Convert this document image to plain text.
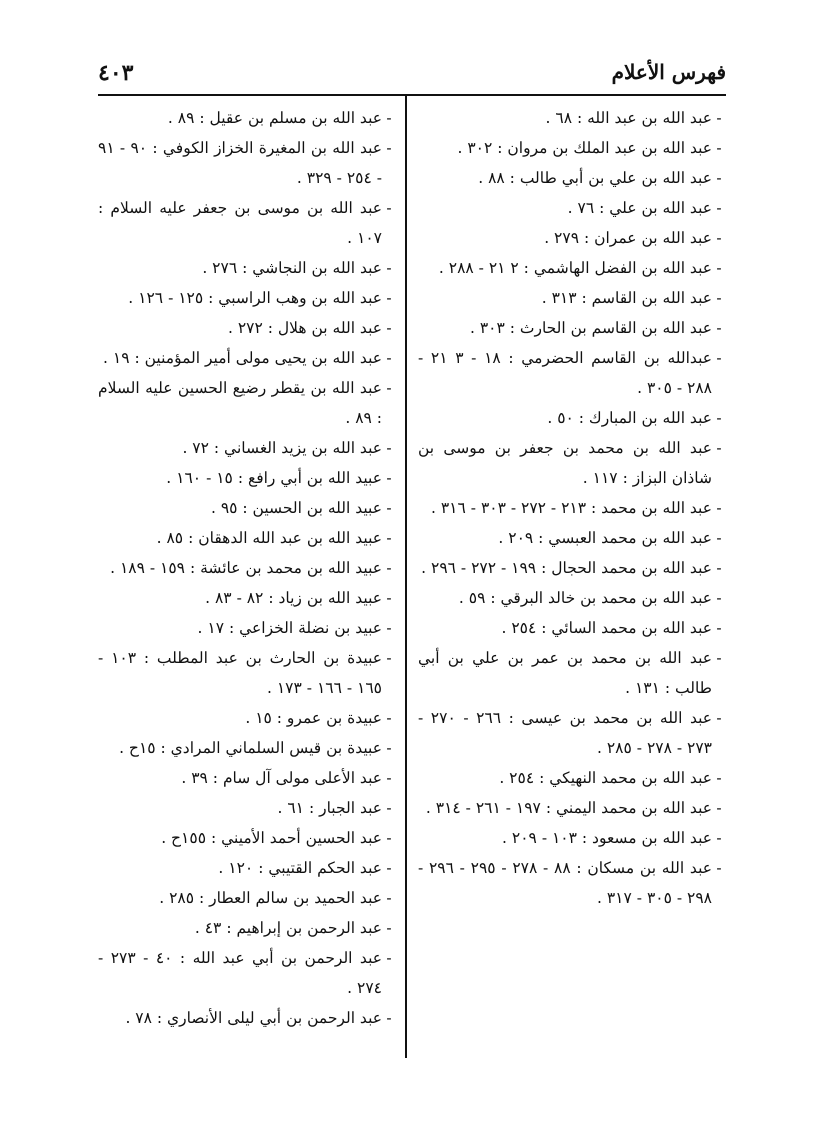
فهرس الأعلام
٤٠٣
-
عبد الله بن عبد الله : ٦٨ .
-
عبد الله بن عبد الملك بن مروان : ٣٠٢ .
-
عبد الله بن علي بن أبي طالب : ٨٨ .
-
عبد الله بن علي : ٧٦ .
-
عبد الله بن عمران : ٢٧٩ .
-
عبد الله بن الفضل الهاشمي : ٢ ٢١ - ٢٨٨ .
-
عبد الله بن القاسم : ٣١٣ .
-
عبد الله بن القاسم بن الحارث : ٣٠٣ .
-
عبدالله بن القاسم الحضرمي : ١٨ - ٣ ٢١ - ٢٨٨ - ٣٠٥ .
-
عبد الله بن المبارك : ٥٠ .
-
عبد الله بن محمد بن جعفر بن موسى بن شاذان البزاز : ١١٧ .
-
عبد الله بن محمد : ٢١٣ - ٢٧٢ - ٣٠٣ - ٣١٦ .
-
عبد الله بن محمد العبسي : ٢٠٩ .
-
عبد الله بن محمد الحجال : ١٩٩ - ٢٧٢ - ٢٩٦ .
-
عبد الله بن محمد بن خالد البرقي : ٥٩ .
-
عبد الله بن محمد السائي : ٢٥٤ .
-
عبد الله بن محمد بن عمر بن علي بن أبي طالب : ١٣١ .
-
عبد الله بن محمد بن عيسى : ٢٦٦ - ٢٧٠ - ٢٧٣ - ٢٧٨ - ٢٨٥ .
-
عبد الله بن محمد النهيكي : ٢٥٤ .
-
عبد الله بن محمد اليمني : ١٩٧ - ٢٦١ - ٣١٤ .
-
عبد الله بن مسعود : ١٠٣ - ٢٠٩ .
-
عبد الله بن مسكان : ٨٨ - ٢٧٨ - ٢٩٥ - ٢٩٦ - ٢٩٨ - ٣٠٥ - ٣١٧ .
-
عبد الله بن مسلم بن عقيل : ٨٩ .
-
عبد الله بن المغيرة الخزاز الكوفي : ٩٠ - ٩١ - ٢٥٤ - ٣٢٩ .
-
عبد الله بن موسى بن جعفر عليه السلام : ١٠٧ .
-
عبد الله بن النجاشي : ٢٧٦ .
-
عبد الله بن وهب الراسبي : ١٢٥ - ١٢٦ .
-
عبد الله بن هلال : ٢٧٢ .
-
عبد الله بن يحيى مولى أمير المؤمنين : ١٩ .
-
عبد الله بن يقطر رضيع الحسين عليه السلام : ٨٩ .
-
عبد الله بن يزيد الغساني : ٧٢ .
-
عبيد الله بن أبي رافع : ١٥ - ١٦٠ .
-
عبيد الله بن الحسين : ٩٥ .
-
عبيد الله بن عبد الله الدهقان : ٨٥ .
-
عبيد الله بن محمد بن عائشة : ١٥٩ - ١٨٩ .
-
عبيد الله بن زياد : ٨٢ - ٨٣ .
-
عبيد بن نضلة الخزاعي : ١٧ .
-
عبيدة بن الحارث بن عبد المطلب : ١٠٣ - ١٦٥ - ١٦٦ - ١٧٣ .
-
عبيدة بن عمرو : ١٥ .
-
عبيدة بن قيس السلماني المرادي : ١٥ح .
-
عبد الأعلى مولى آل سام : ٣٩ .
-
عبد الجبار : ٦١ .
-
عبد الحسين أحمد الأميني : ١٥٥ح .
-
عبد الحكم القتيبي : ١٢٠ .
-
عبد الحميد بن سالم العطار : ٢٨٥ .
-
عبد الرحمن بن إبراهيم : ٤٣ .
-
عبد الرحمن بن أبي عبد الله : ٤٠ - ٢٧٣ - ٢٧٤ .
-
عبد الرحمن بن أبي ليلى الأنصاري : ٧٨ .
